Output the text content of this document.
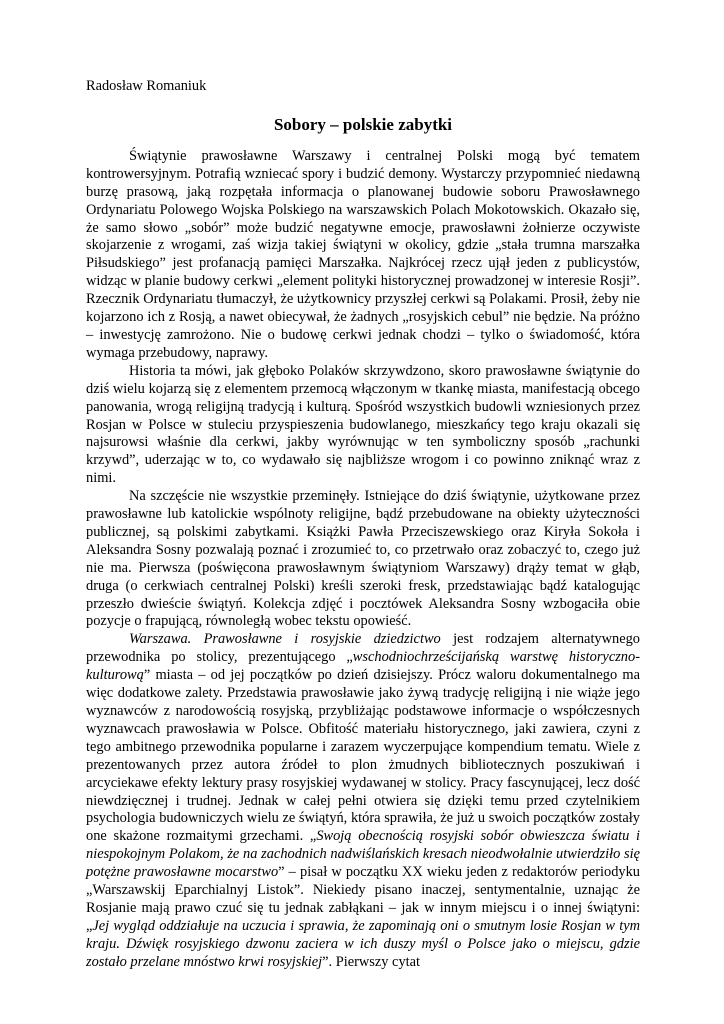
Radosław Romaniuk

Sobory – polskie zabytki

Świątynie prawosławne Warszawy i centralnej Polski mogą być tematem kontrowersyjnym. Potrafią wzniecać spory i budzić demony. Wystarczy przypomnieć niedawną burzę prasową, jaką rozpętała informacja o planowanej budowie soboru Prawosławnego Ordynariatu Polowego Wojska Polskiego na warszawskich Polach Mokotowskich. Okazało się, że samo słowo „sobór” może budzić negatywne emocje, prawosławni żołnierze oczywiste skojarzenie z wrogami, zaś wizja takiej świątyni w okolicy, gdzie „stała trumna marszałka Piłsudskiego” jest profanacją pamięci Marszałka. Najkrócej rzecz ujął jeden z publicystów, widząc w planie budowy cerkwi „element polityki historycznej prowadzonej w interesie Rosji”. Rzecznik Ordynariatu tłumaczył, że użytkownicy przyszłej cerkwi są Polakami. Prosił, żeby nie kojarzono ich z Rosją, a nawet obiecywał, że żadnych „rosyjskich cebul” nie będzie. Na próżno – inwestycję zamrożono. Nie o budowę cerkwi jednak chodzi – tylko o świadomość, która wymaga przebudowy, naprawy.

Historia ta mówi, jak głęboko Polaków skrzywdzono, skoro prawosławne świątynie do dziś wielu kojarzą się z elementem przemocą włączonym w tkankę miasta, manifestacją obcego panowania, wrogą religijną tradycją i kulturą. Spośród wszystkich budowli wzniesionych przez Rosjan w Polsce w stuleciu przyspieszenia budowlanego, mieszkańcy tego kraju okazali się najsurowsi właśnie dla cerkwi, jakby wyrównując w ten symboliczny sposób „rachunki krzywd”, uderzając w to, co wydawało się najbliższe wrogom i co powinno zniknąć wraz z nimi.

Na szczęście nie wszystkie przeminęły. Istniejące do dziś świątynie, użytkowane przez prawosławne lub katolickie wspólnoty religijne, bądź przebudowane na obiekty użyteczności publicznej, są polskimi zabytkami. Książki Pawła Przeciszewskiego oraz Kiryła Sokoła i Aleksandra Sosny pozwalają poznać i zrozumieć to, co przetrwało oraz zobaczyć to, czego już nie ma. Pierwsza (poświęcona prawosławnym świątyniom Warszawy) drąży temat w głąb, druga (o cerkwiach centralnej Polski) kreśli szeroki fresk, przedstawiając bądź katalogując przeszło dwieście świątyń. Kolekcja zdjęć i pocztówek Aleksandra Sosny wzbogaciła obie pozycje o frapującą, równoległą wobec tekstu opowieść.

Warszawa. Prawosławne i rosyjskie dziedzictwo jest rodzajem alternatywnego przewodnika po stolicy, prezentującego „wschodniochrześcijańską warstwę historyczno-kulturową” miasta – od jej początków po dzień dzisiejszy. Prócz waloru dokumentalnego ma więc dodatkowe zalety. Przedstawia prawosławie jako żywą tradycję religijną i nie wiąże jego wyznawców z narodowością rosyjską, przybliżając podstawowe informacje o współczesnych wyznawcach prawosławia w Polsce. Obfitość materiału historycznego, jaki zawiera, czyni z tego ambitnego przewodnika popularne i zarazem wyczerpujące kompendium tematu. Wiele z prezentowanych przez autora źródeł to plon żmudnych bibliotecznych poszukiwań i arcyciekawe efekty lektury prasy rosyjskiej wydawanej w stolicy. Pracy fascynującej, lecz dość niewdzięcznej i trudnej. Jednak w całej pełni otwiera się dzięki temu przed czytelnikiem psychologia budowniczych wielu ze świątyń, która sprawiła, że już u swoich początków zostały one skażone rozmaitymi grzechami. „Swoją obecnością rosyjski sobór obwieszcza światu i niespokojnym Polakom, że na zachodnich nadwiślańskich kresach nieodwołalnie utwierdziło się potężne prawosławne mocarstwo” – pisał w początku XX wieku jeden z redaktorów periodyku „Warszawskij Eparchialnyj Listok”. Niekiedy pisano inaczej, sentymentalnie, uznając że Rosjanie mają prawo czuć się tu jednak zabłąkani – jak w innym miejscu i o innej świątyni: „Jej wygląd oddziałuje na uczucia i sprawia, że zapominają oni o smutnym losie Rosjan w tym kraju. Dźwięk rosyjskiego dzwonu zaciera w ich duszy myśl o Polsce jako o miejscu, gdzie zostało przelane mnóstwo krwi rosyjskiej”. Pierwszy cytat
